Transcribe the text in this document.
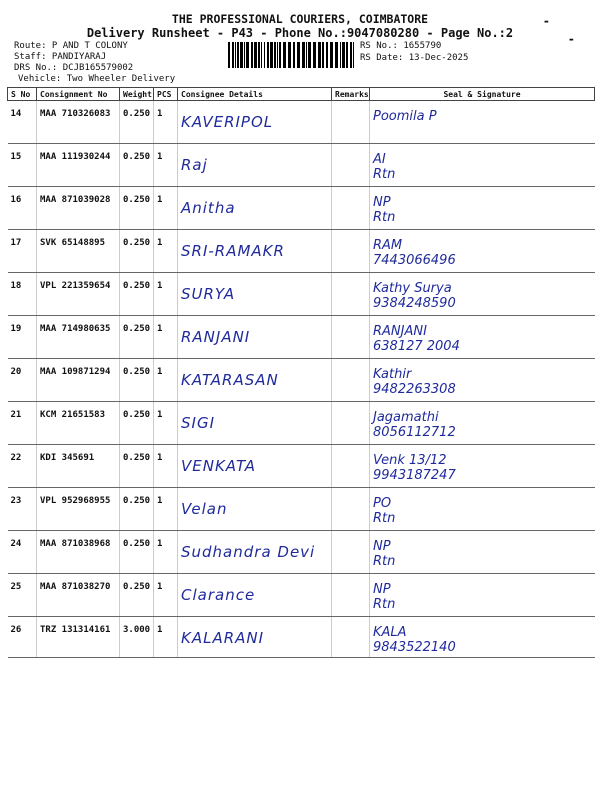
THE PROFESSIONAL COURIERS, COIMBATORE
Delivery Runsheet - P43 - Phone No.:9047080280 - Page No.:2
-
-
Route: P AND T COLONY
Staff: PANDIYARAJ
DRS No.: DCJB165579002
Vehicle: Two Wheeler Delivery
RS No.: 1655790
RS Date: 13-Dec-2025
S No	Consignment No	Weight	PCS	Consignee Details	Remarks	Seal & Signature
14	MAA 710326083	0.250	1	KAVERIPOL		Poomila P

15	MAA 111930244	0.250	1	Raj		AI
Rtn

16	MAA 871039028	0.250	1	Anitha		NP
Rtn

17	SVK 65148895	0.250	1	SRI-RAMAKR		RAM
7443066496

18	VPL 221359654	0.250	1	SURYA		Kathy Surya
9384248590

19	MAA 714980635	0.250	1	RANJANI		RANJANI
638127 2004

20	MAA 109871294	0.250	1	KATARASAN		Kathir
9482263308

21	KCM 21651583	0.250	1	SIGI		Jagamathi
8056112712

22	KDI 345691	0.250	1	VENKATA		Venk 13/12
9943187247

23	VPL 952968955	0.250	1	Velan		PO
Rtn

24	MAA 871038968	0.250	1	Sudhandra Devi		NP
Rtn

25	MAA 871038270	0.250	1	Clarance		NP
Rtn

26	TRZ 131314161	3.000	1	KALARANI		KALA
9843522140
